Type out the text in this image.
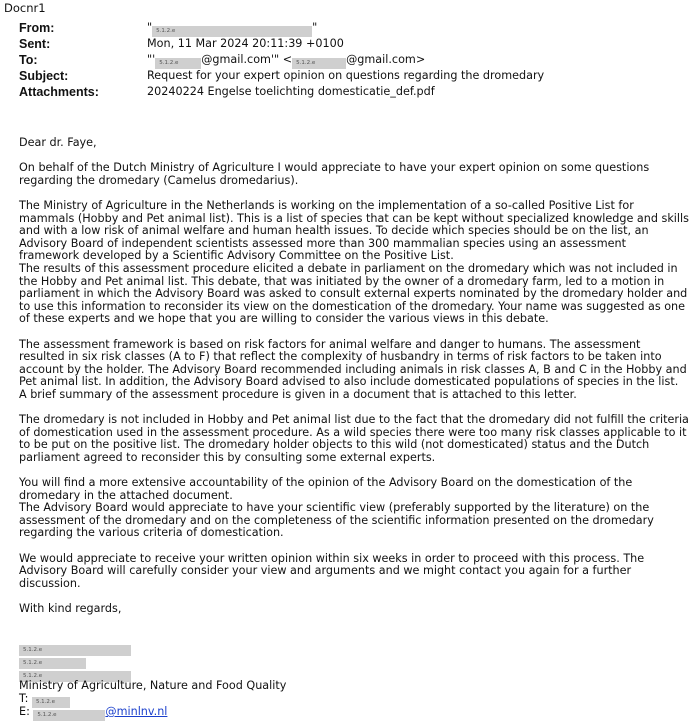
Docnr1
From:	" 5.1.2.e	"
Sent:	Mon, 11 Mar 2024 20:11:39 +0100
To:	"' 5.1.2.e @gmail.com'" < 5.1.2.e	@gmail.com>
Subject:	Request for your expert opinion on questions regarding the dromedary
Attachments:	20240224 Engelse toelichting domesticatie_def.pdf

Dear dr. Faye,

On behalf of the Dutch Ministry of Agriculture I would appreciate to have your expert opinion on some questions regarding the dromedary (Camelus dromedarius).

The Ministry of Agriculture in the Netherlands is working on the implementation of a so-called Positive List for mammals (Hobby and Pet animal list). This is a list of species that can be kept without specialized knowledge and skills and with a low risk of animal welfare and human health issues. To decide which species should be on the list, an Advisory Board of independent scientists assessed more than 300 mammalian species using an assessment framework developed by a Scientific Advisory Committee on the Positive List.

The results of this assessment procedure elicited a debate in parliament on the dromedary which was not included in the Hobby and Pet animal list. This debate, that was initiated by the owner of a dromedary farm, led to a motion in parliament in which the Advisory Board was asked to consult external experts nominated by the dromedary holder and to use this information to reconsider its view on the domestication of the dromedary. Your name was suggested as one of these experts and we hope that you are willing to consider the various views in this debate.

The assessment framework is based on risk factors for animal welfare and danger to humans. The assessment resulted in six risk classes (A to F) that reflect the complexity of husbandry in terms of risk factors to be taken into account by the holder. The Advisory Board recommended including animals in risk classes A, B and C in the Hobby and Pet animal list. In addition, the Advisory Board advised to also include domesticated populations of species in the list. A brief summary of the assessment procedure is given in a document that is attached to this letter.

The dromedary is not included in Hobby and Pet animal list due to the fact that the dromedary did not fulfill the criteria of domestication used in the assessment procedure. As a wild species there were too many risk classes applicable to it to be put on the positive list. The dromedary holder objects to this wild (not domesticated) status and the Dutch parliament agreed to reconsider this by consulting some external experts.

You will find a more extensive accountability of the opinion of the Advisory Board on the domestication of the dromedary in the attached document.

The Advisory Board would appreciate to have your scientific view (preferably supported by the literature) on the assessment of the dromedary and on the completeness of the scientific information presented on the dromedary regarding the various criteria of domestication.

We would appreciate to receive your written opinion within six weeks in order to proceed with this process. The Advisory Board will carefully consider your view and arguments and we might contact you again for a further discussion.

With kind regards,

5.1.2.e
5.1.2.e
5.1.2.e
Ministry of Agriculture, Nature and Food Quality
T: 5.1.2.e
E: 5.1.2.e	@minlnv.nl
